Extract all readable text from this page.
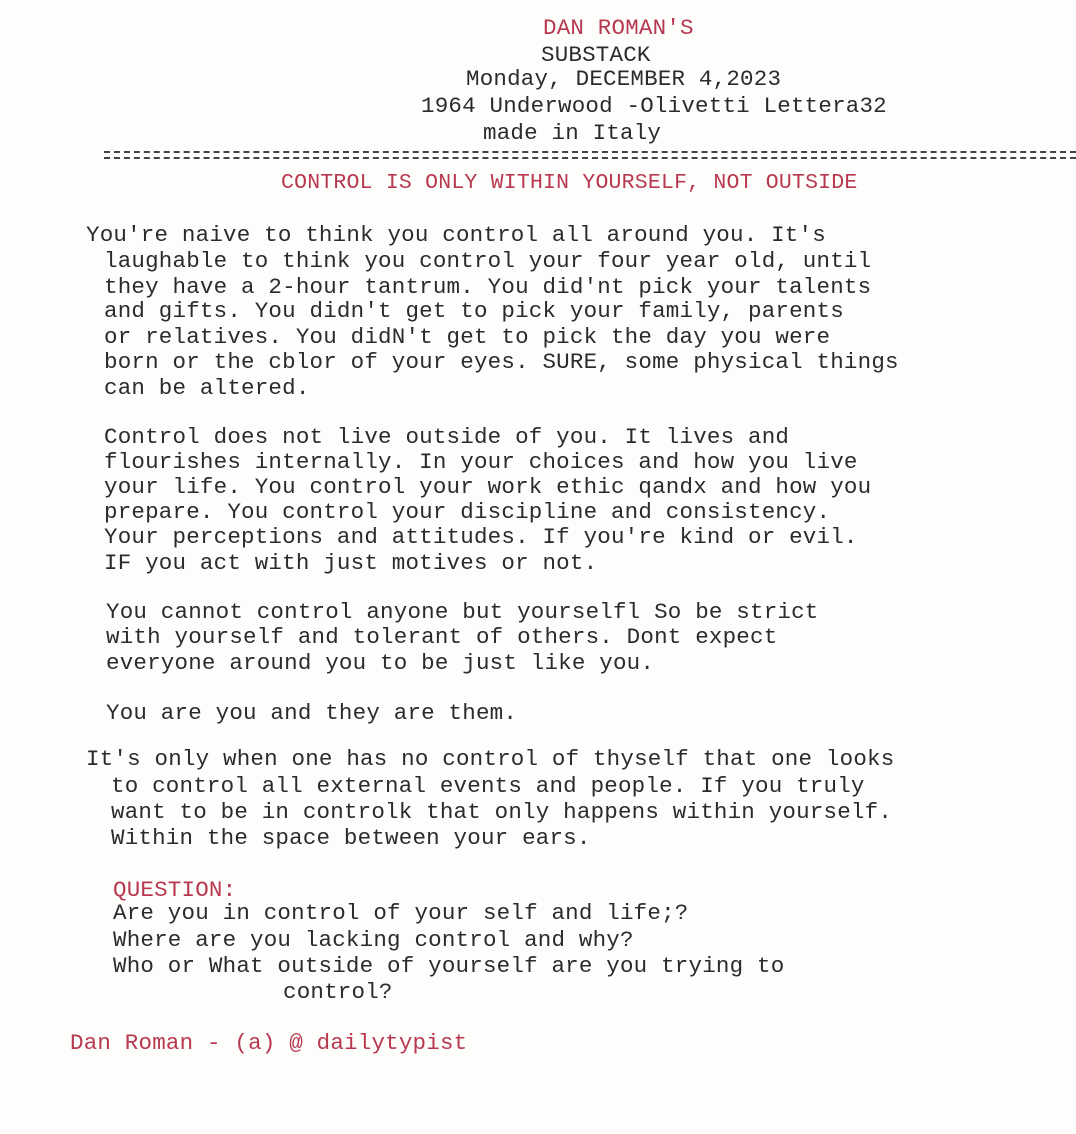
DAN ROMAN'S
SUBSTACK
Monday, DECEMBER 4,2023
1964 Underwood -Olivetti Lettera32
made in Italy
CONTROL IS ONLY WITHIN YOURSELF, NOT OUTSIDE
You're naive to think you control all around you. It's
laughable to think you control your four year old, until
they have a 2-hour tantrum. You did'nt pick your talents
and gifts. You didn't get to pick your family, parents
or relatives. You didN't get to pick the day you were
born or the cblor of your eyes. SURE, some physical things
can be altered.
Control does not live outside of you. It lives and
flourishes internally. In your choices and how you live
your life. You control your work ethic qandx and how you
prepare. You control your discipline and consistency.
Your perceptions and attitudes. If you're kind or evil.
IF you act with just motives or not.
You cannot control anyone but yourselfl So be strict
with yourself and tolerant of others. Dont expect
everyone around you to be just like you.
You are you and they are them.
It's only when one has no control of thyself that one looks
to control all external events and people. If you truly
want to be in controlk that only happens within yourself.
Within the space between your ears.
QUESTION:
Are you in control of your self and life;?
Where are you lacking control and why?
Who or What outside of yourself are you trying to
control?
Dan Roman - (a) @ dailytypist
